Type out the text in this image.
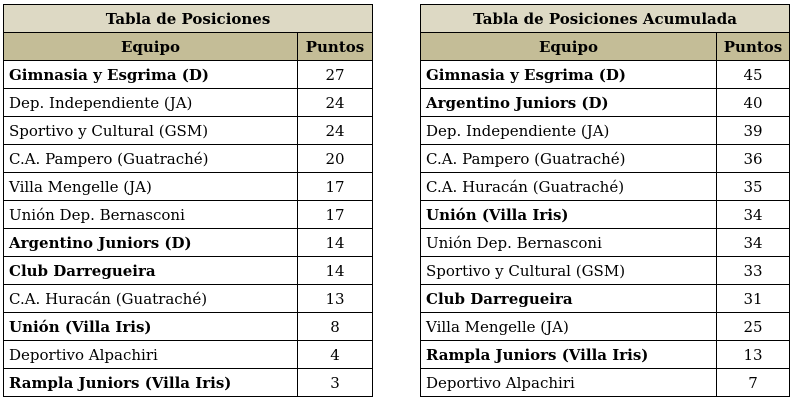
Tabla de Posiciones	
Equipo	Puntos
Gimnasia y Esgrima (D)	27
Dep. Independiente (JA)	24
Sportivo y Cultural (GSM)	24
C.A. Pampero (Guatraché)	20
Villa Mengelle (JA)	17
Unión Dep. Bernasconi	17
Argentino Juniors (D)	14
Club Darregueira	14
C.A. Huracán (Guatraché)	13
Unión (Villa Iris)	8
Deportivo Alpachiri	4
Rampla Juniors (Villa Iris)	3
Tabla de Posiciones Acumulada	
Equipo	Puntos
Gimnasia y Esgrima (D)	45
Argentino Juniors (D)	40
Dep. Independiente (JA)	39
C.A. Pampero (Guatraché)	36
C.A. Huracán (Guatraché)	35
Unión (Villa Iris)	34
Unión Dep. Bernasconi	34
Sportivo y Cultural (GSM)	33
Club Darregueira	31
Villa Mengelle (JA)	25
Rampla Juniors (Villa Iris)	13
Deportivo Alpachiri	7
